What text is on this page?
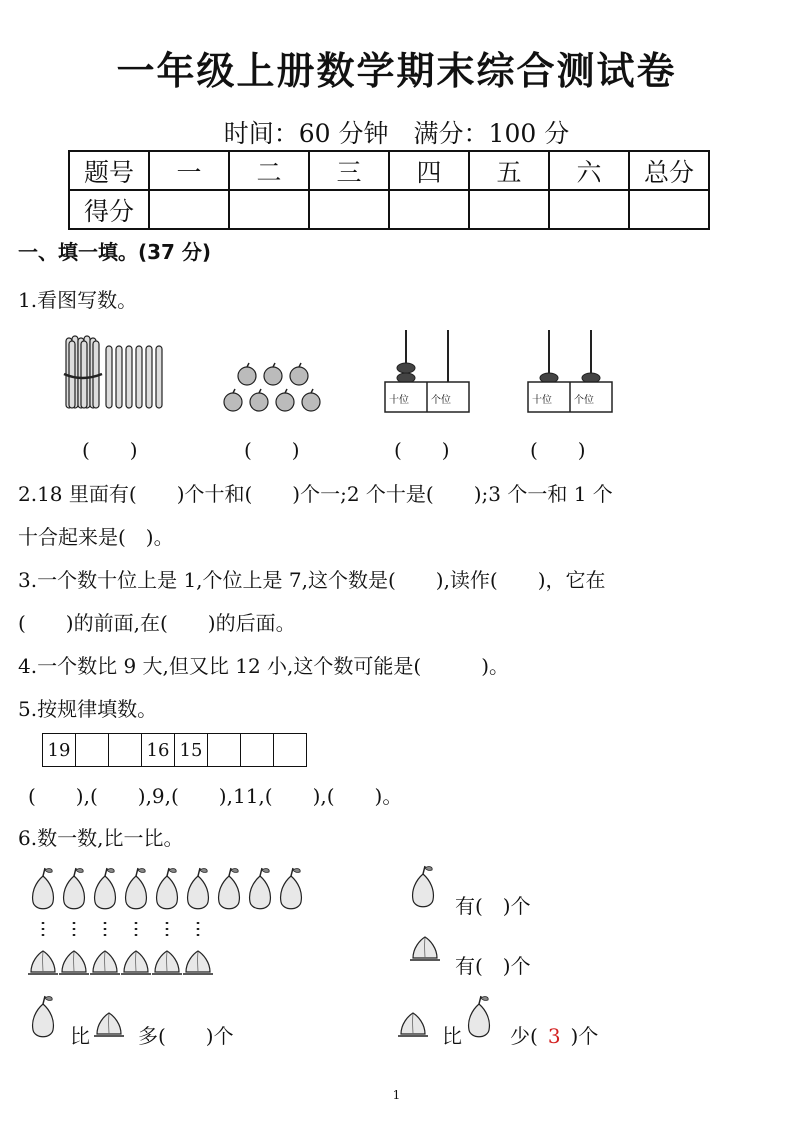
一年级上册数学期末综合测试卷
时间：60 分钟　满分：100 分
题号	一	二	三	四	五	六	总分
得分							
一、填一填。(37 分)
1.看图写数。
十位 个位	十位 个位
(　　)	(　　)	(　　)	(　　)
2.18 里面有(　　)个十和(　　)个一;2 个十是(　　);3 个一和 1 个
十合起来是(　)。
3.一个数十位上是 1,个位上是 7,这个数是(　　),读作(　　)，它在
(　　)的前面,在(　　)的后面。
4.一个数比 9 大,但又比 12 小,这个数可能是(　　　)。
5.按规律填数。
19			16	15			
(　　),(　　),9,(　　),11,(　　),(　　)。
6.数一数,比一比。
有(　)个
有(　)个
比 多(　　)个	比 少( 3 )个
1
